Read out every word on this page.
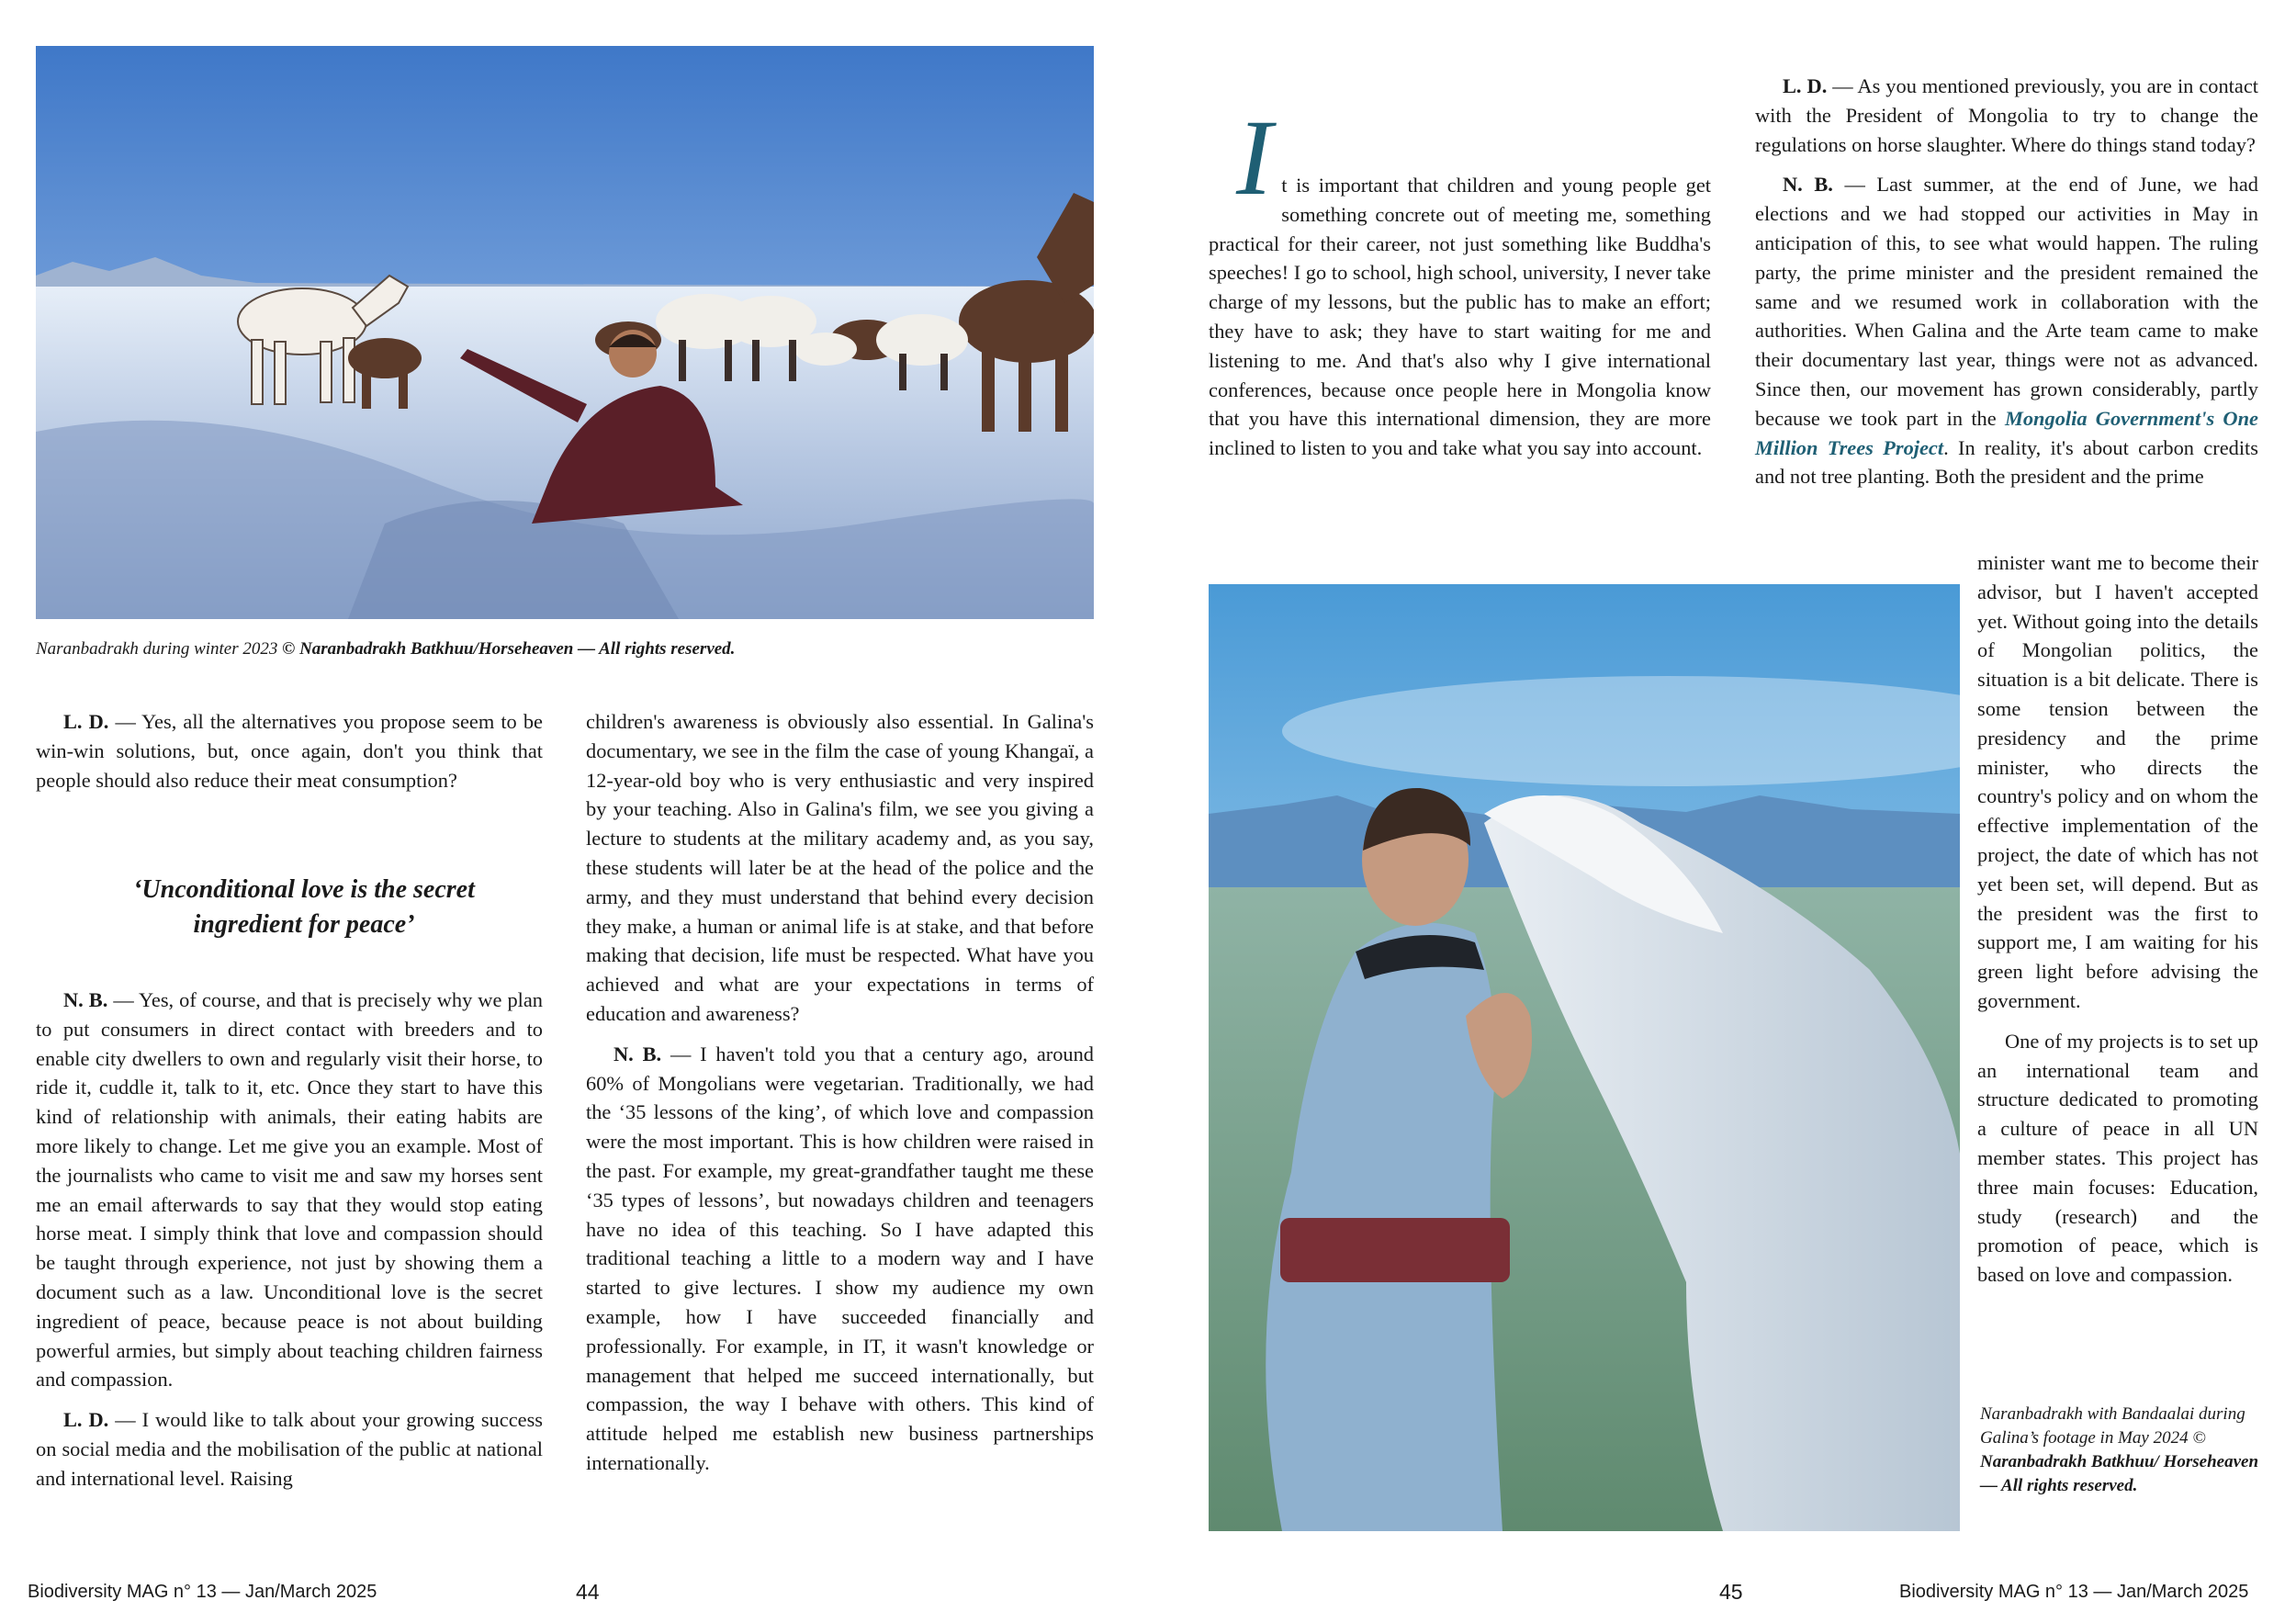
Naranbadrakh during winter 2023 © Naranbadrakh Batkhuu/Horseheaven — All rights reserved.

L. D. — Yes, all the alternatives you propose seem to be win-win solutions, but, once again, don't you think that people should also reduce their meat consumption?

‘Unconditional love is the secret ingredient for peace’

N. B. — Yes, of course, and that is precisely why we plan to put consumers in direct contact with breeders and to enable city dwellers to own and regularly visit their horse, to ride it, cuddle it, talk to it, etc. Once they start to have this kind of relationship with animals, their eating habits are more likely to change. Let me give you an example. Most of the journalists who came to visit me and saw my horses sent me an email afterwards to say that they would stop eating horse meat. I simply think that love and compassion should be taught through experience, not just by showing them a document such as a law. Unconditional love is the secret ingredient of peace, because peace is not about building powerful armies, but simply about teaching children fairness and compassion.

L. D. — I would like to talk about your growing success on social media and the mobilisation of the public at national and international level. Raising

children's awareness is obviously also essential. In Galina's documentary, we see in the film the case of young Khangaï, a 12-year-old boy who is very enthusiastic and very inspired by your teaching. Also in Galina's film, we see you giving a lecture to students at the military academy and, as you say, these students will later be at the head of the police and the army, and they must understand that behind every decision they make, a human or animal life is at stake, and that before making that decision, life must be respected. What have you achieved and what are your expectations in terms of education and awareness?

N. B. — I haven't told you that a century ago, around 60% of Mongolians were vegetarian. Traditionally, we had the ‘35 lessons of the king’, of which love and compassion were the most important. This is how children were raised in the past. For example, my great-grandfather taught me these ‘35 types of lessons’, but nowadays children and teenagers have no idea of this teaching. So I have adapted this traditional teaching a little to a modern way and I have started to give lectures. I show my audience my own example, how I have succeeded financially and professionally. For example, in IT, it wasn't knowledge or management that helped me succeed internationally, but compassion, the way I behave with others. This kind of attitude helped me establish new business partnerships internationally.

Biodiversity MAG n° 13 — Jan/March 2025	44

I t is important that children and young people get something concrete out of meeting me, something practical for their career, not just something like Buddha's speeches! I go to school, high school, university, I never take charge of my lessons, but the public has to make an effort; they have to ask; they have to start waiting for me and listening to me. And that's also why I give international conferences, because once people here in Mongolia know that you have this international dimension, they are more inclined to listen to you and take what you say into account.

L. D. — As you mentioned previously, you are in contact with the President of Mongolia to try to change the regulations on horse slaughter. Where do things stand today?

N. B. — Last summer, at the end of June, we had elections and we had stopped our activities in May in anticipation of this, to see what would happen. The ruling party, the prime minister and the president remained the same and we resumed work in collaboration with the authorities. When Galina and the Arte team came to make their documentary last year, things were not as advanced. Since then, our movement has grown considerably, partly because we took part in the Mongolia Government's One Million Trees Project. In reality, it's about carbon credits and not tree planting. Both the president and the prime

minister want me to become their advisor, but I haven't accepted yet. Without going into the details of Mongolian politics, the situation is a bit delicate. There is some tension between the presidency and the prime minister, who directs the country's policy and on whom the effective implementation of the project, the date of which has not yet been set, will depend. But as the president was the first to support me, I am waiting for his green light before advising the government.

One of my projects is to set up an international team and structure dedicated to promoting a culture of peace in all UN member states. This project has three main focuses: Education, study (research) and the promotion of peace, which is based on love and compassion.

Naranbadrakh with Bandaalai during Galina’s footage in May 2024 © Naranbadrakh Batkhuu/ Horseheaven — All rights reserved.
45	Biodiversity MAG n° 13 — Jan/March 2025
